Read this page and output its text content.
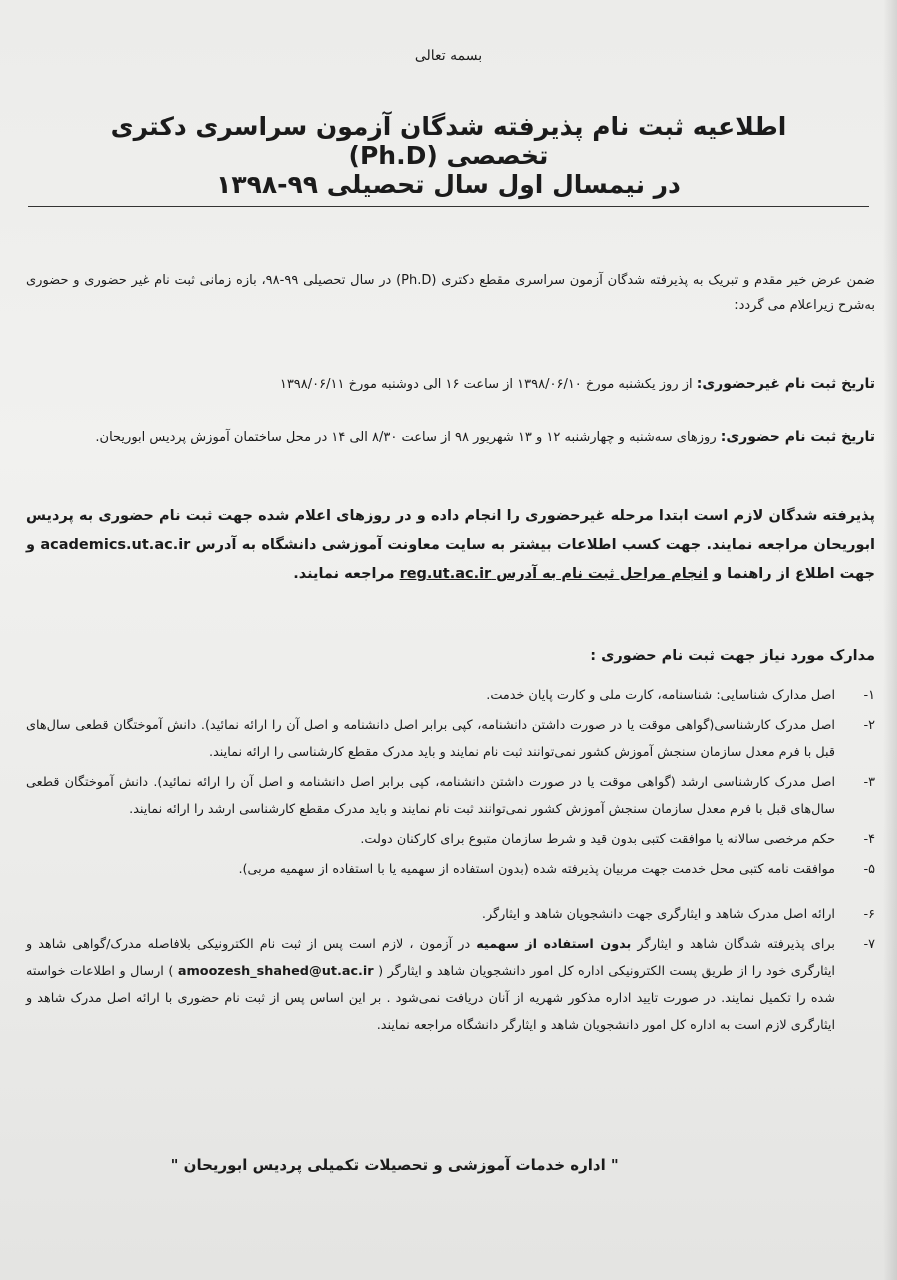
بسمه تعالی
اطلاعیه ثبت نام پذیرفته شدگان آزمون سراسری دکتری تخصصی (Ph.D)
در نیمسال اول سال تحصیلی ۹۹-۱۳۹۸
ضمن عرض خیر مقدم و تبریک به پذیرفته شدگان آزمون سراسری مقطع دکتری (Ph.D) در سال تحصیلی ۹۹-۹۸، بازه زمانی ثبت نام غیر حضوری و حضوری به‌شرح زیراعلام می گردد:
تاریخ ثبت نام غیرحضوری: از روز یکشنبه مورخ ۱۳۹۸/۰۶/۱۰ از ساعت ۱۶ الی دوشنبه مورخ ۱۳۹۸/۰۶/۱۱
تاریخ ثبت نام حضوری: روزهای سه‌شنبه و چهارشنبه ۱۲ و ۱۳ شهریور ۹۸ از ساعت ۸/۳۰ الی ۱۴ در محل ساختمان آموزش پردیس ابوریحان.
پذیرفته شدگان لازم است ابتدا مرحله غیرحضوری را انجام داده و در روزهای اعلام شده جهت ثبت نام حضوری به پردیس ابوریحان مراجعه نمایند. جهت کسب اطلاعات بیشتر به سایت معاونت آموزشی دانشگاه به آدرس academics.ut.ac.ir و جهت اطلاع از راهنما و انجام مراحل ثبت نام به آدرس reg.ut.ac.ir مراجعه نمایند.
مدارک مورد نیاز جهت ثبت نام حضوری :
۱-
اصل مدارک شناسایی: شناسنامه، کارت ملی و کارت پایان خدمت.
۲-
اصل مدرک کارشناسی(گواهی موقت یا در صورت داشتن دانشنامه، کپی برابر اصل دانشنامه و اصل آن را ارائه نمائید). دانش آموختگان قطعی سال‌های قبل با فرم معدل سازمان سنجش آموزش کشور نمی‌توانند ثبت نام نمایند و باید مدرک مقطع کارشناسی را ارائه نمایند.
۳-
اصل مدرک کارشناسی ارشد (گواهی موقت یا در صورت داشتن دانشنامه، کپی برابر اصل دانشنامه و اصل آن را ارائه نمائید). دانش آموختگان قطعی سال‌های قبل با فرم معدل سازمان سنجش آموزش کشور نمی‌توانند ثبت نام نمایند و باید مدرک مقطع کارشناسی ارشد را ارائه نمایند.
۴-
حکم مرخصی سالانه یا موافقت کتبی بدون قید و شرط سازمان متبوع برای کارکنان دولت.
۵-
موافقت نامه کتبی محل خدمت جهت مربیان پذیرفته شده (بدون استفاده از سهمیه یا با استفاده از سهمیه مربی).
۶-
ارائه اصل مدرک شاهد و ایثارگری جهت دانشجویان شاهد و ایثارگر.
۷-
برای پذیرفته شدگان شاهد و ایثارگر بدون استفاده از سهمیه در آزمون ، لازم است پس از ثبت نام الکترونیکی بلافاصله مدرک/گواهی شاهد و ایثارگری خود را از طریق پست الکترونیکی اداره کل امور دانشجویان شاهد و ایثارگر ( amoozesh_shahed@ut.ac.ir ) ارسال و اطلاعات خواسته شده را تکمیل نمایند. در صورت تایید اداره مذکور شهریه از آنان دریافت نمی‌شود . بر این اساس پس از ثبت نام حضوری با ارائه اصل مدرک شاهد و ایثارگری لازم است به اداره کل امور دانشجویان شاهد و ایثارگر دانشگاه مراجعه نمایند.
" اداره خدمات آموزشی و تحصیلات تکمیلی پردیس ابوریحان "
